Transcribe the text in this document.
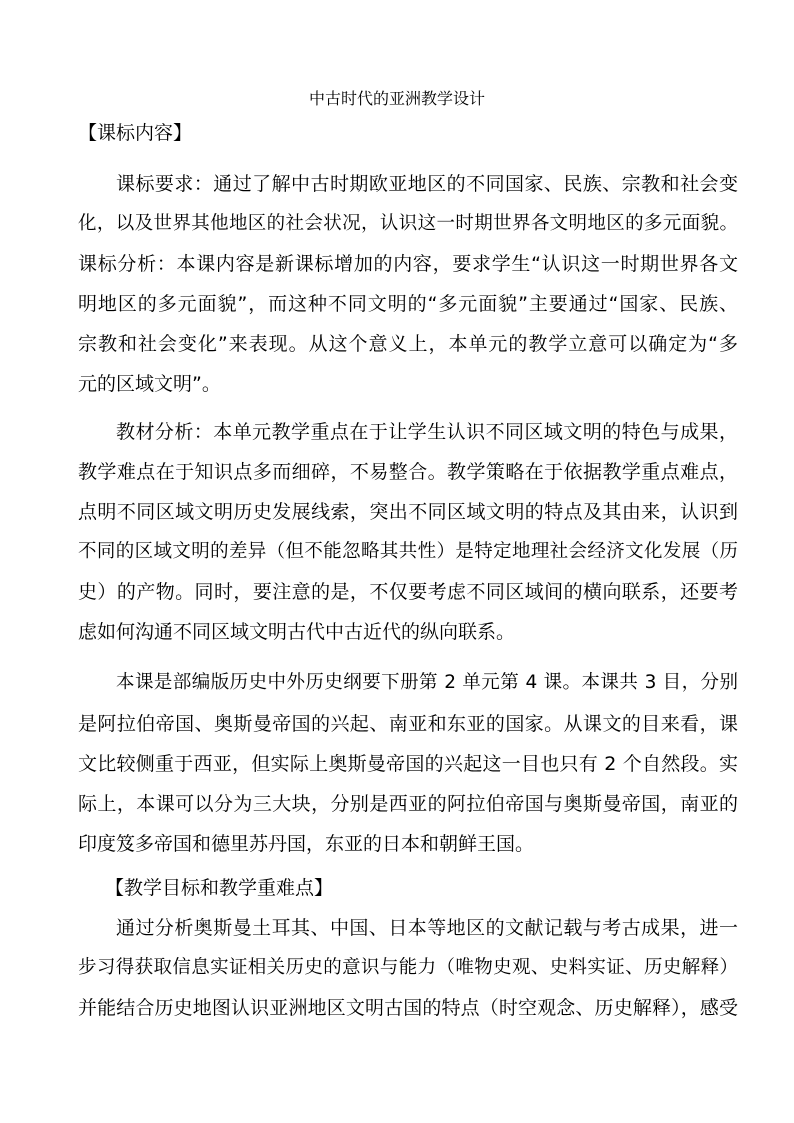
中古时代的亚洲教学设计

【课标内容】

课标要求：通过了解中古时期欧亚地区的不同国家、民族、宗教和社会变

化，以及世界其他地区的社会状况，认识这一时期世界各文明地区的多元面貌。

课标分析：本课内容是新课标增加的内容，要求学生“认识这一时期世界各文

明地区的多元面貌”，而这种不同文明的“多元面貌”主要通过“国家、民族、

宗教和社会变化”来表现。从这个意义上，本单元的教学立意可以确定为“多

元的区域文明”。

教材分析：本单元教学重点在于让学生认识不同区域文明的特色与成果，

教学难点在于知识点多而细碎，不易整合。教学策略在于依据教学重点难点，

点明不同区域文明历史发展线索，突出不同区域文明的特点及其由来，认识到

不同的区域文明的差异（但不能忽略其共性）是特定地理社会经济文化发展（历

史）的产物。同时，要注意的是，不仅要考虑不同区域间的横向联系，还要考

虑如何沟通不同区域文明古代中古近代的纵向联系。

本课是部编版历史中外历史纲要下册第 2 单元第 4 课。本课共 3 目，分别

是阿拉伯帝国、奥斯曼帝国的兴起、南亚和东亚的国家。从课文的目来看，课

文比较侧重于西亚，但实际上奥斯曼帝国的兴起这一目也只有 2 个自然段。实

际上，本课可以分为三大块，分别是西亚的阿拉伯帝国与奥斯曼帝国，南亚的

印度笈多帝国和德里苏丹国，东亚的日本和朝鲜王国。

【教学目标和教学重难点】

通过分析奥斯曼土耳其、中国、日本等地区的文献记载与考古成果，进一

步习得获取信息实证相关历史的意识与能力（唯物史观、史料实证、历史解释）

并能结合历史地图认识亚洲地区文明古国的特点（时空观念、历史解释），感受
